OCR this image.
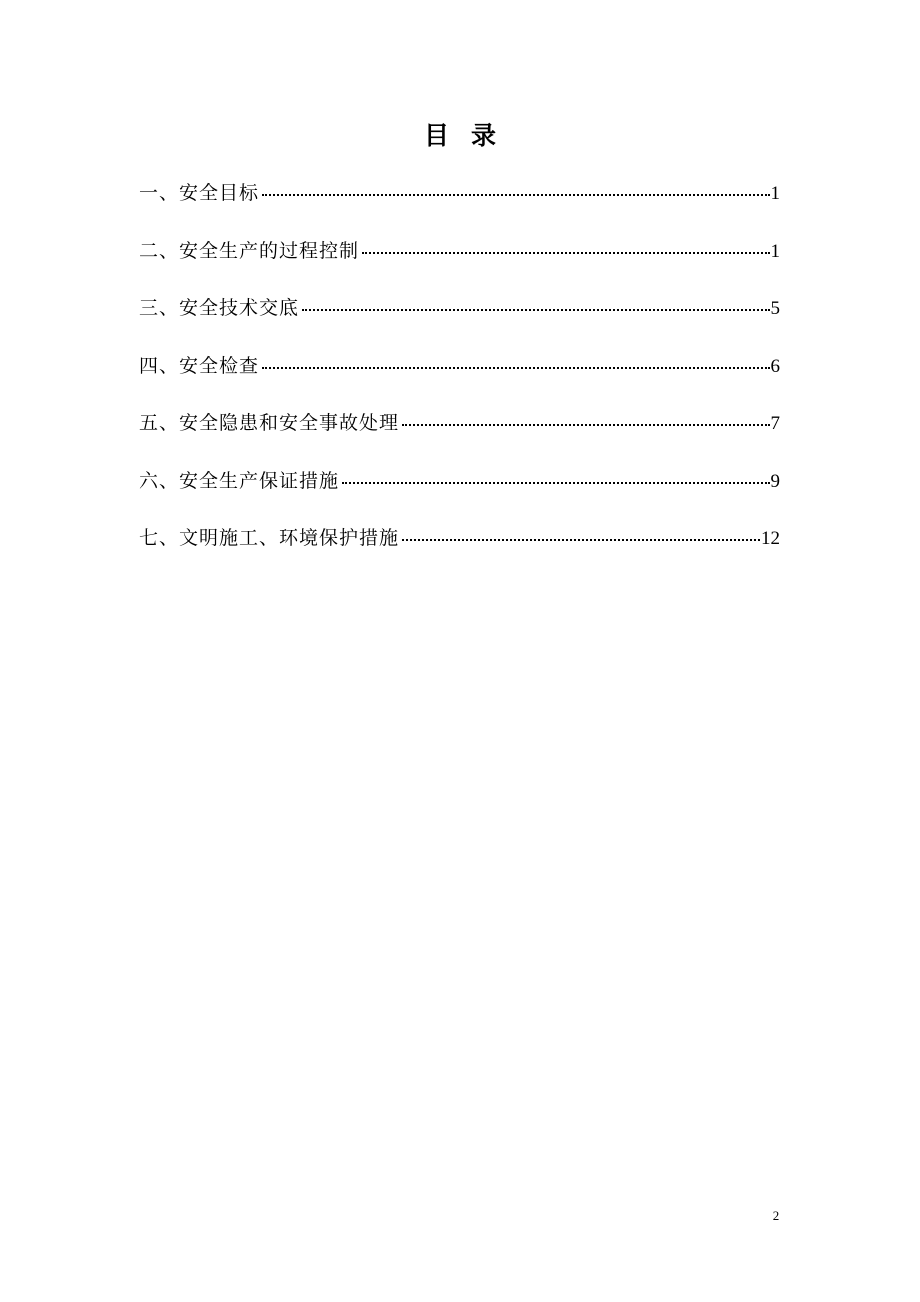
目录
一、安全目标	1
二、安全生产的过程控制	1
三、安全技术交底	5
四、安全检查	6
五、安全隐患和安全事故处理	7
六、安全生产保证措施	9
七、文明施工、环境保护措施	12
2
